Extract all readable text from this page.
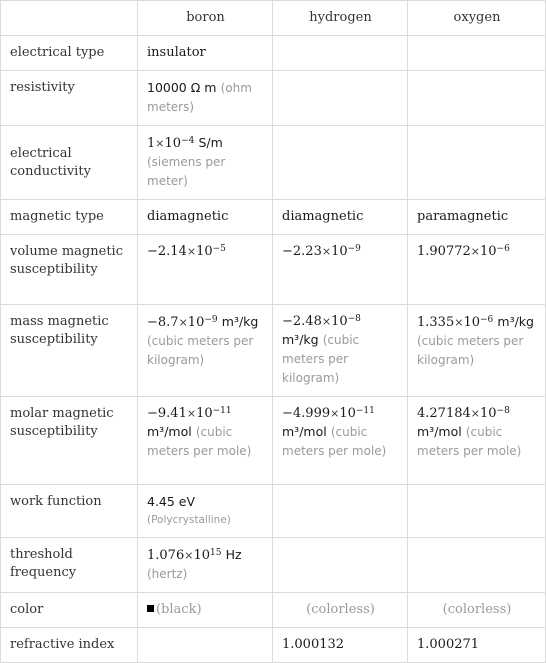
	boron	hydrogen	oxygen
electrical type	insulator		
resistivity	10000 Ω m (ohm meters)		
electrical conductivity	$1\times 10^{-4}$ S/m (siemens per meter)		
magnetic type	diamagnetic	diamagnetic	paramagnetic
volume magnetic susceptibility	$-2.14\times 10^{-5}$	$-2.23\times 10^{-9}$	$1.90772\times 10^{-6}$
mass magnetic susceptibility	$-8.7\times 10^{-9}$ m³/kg (cubic meters per kilogram)	$-2.48\times 10^{-8}$ m³/kg (cubic meters per kilogram)	$1.335\times 10^{-6}$ m³/kg (cubic meters per kilogram)
molar magnetic susceptibility	$-9.41\times 10^{-11}$ m³/mol (cubic meters per mole)	$-4.999\times 10^{-11}$ m³/mol (cubic meters per mole)	$4.27184\times 10^{-8}$ m³/mol (cubic meters per mole)
work function	4.45 eV
(Polycrystalline)		

threshold frequency	$1.076\times 10^{15}$ Hz
(hertz)		
color	(black)	(colorless)	(colorless)
refractive index		1.000132	1.000271
